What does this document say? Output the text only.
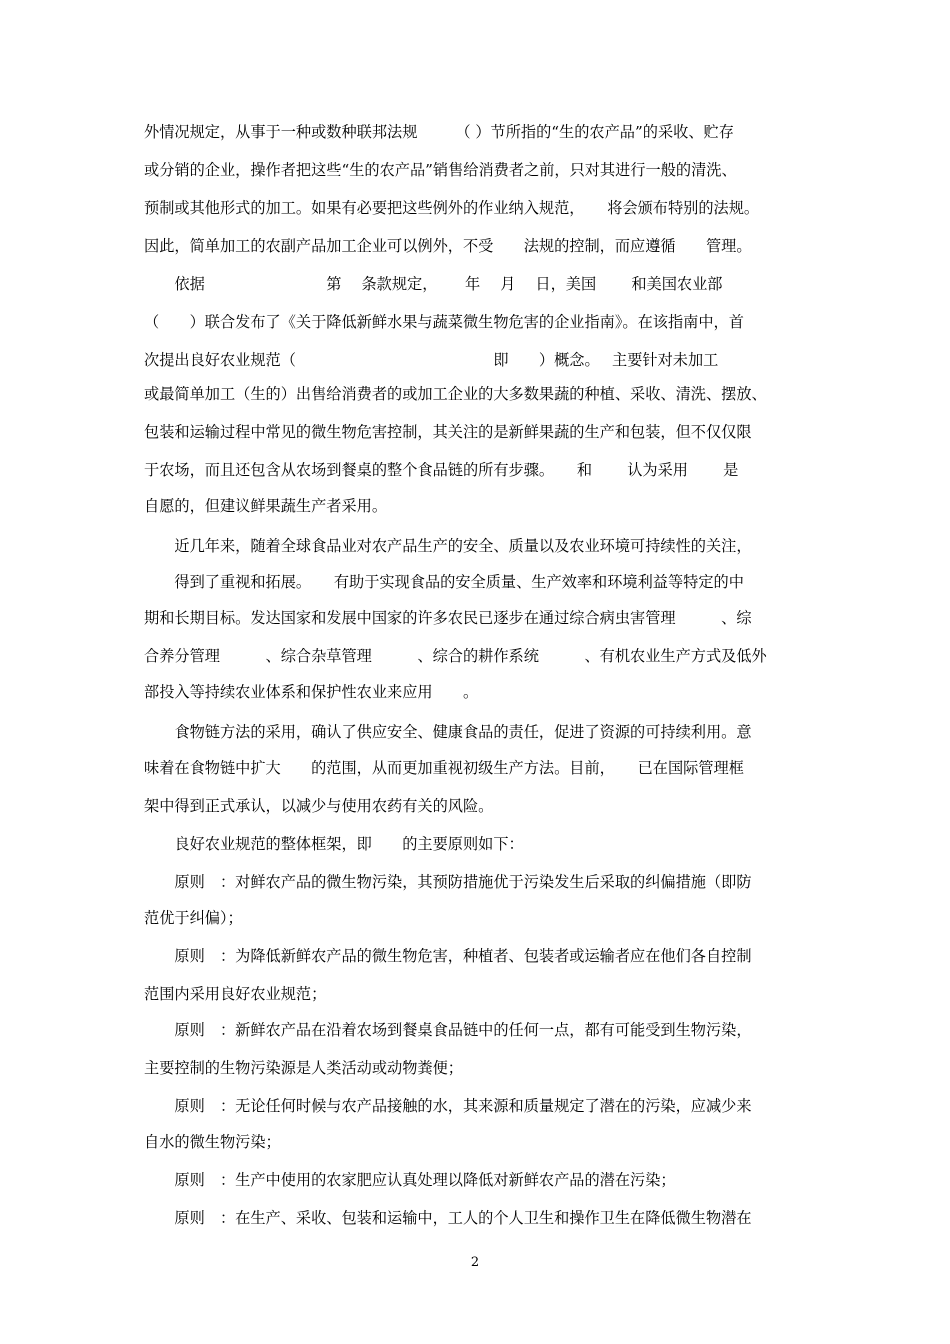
外情况规定，从事于一种或数种联邦法规　　　（ ）节所指的“生的农产品”的采收、贮存
或分销的企业，操作者把这些“生的农产品”销售给消费者之前，只对其进行一般的清洗、
预制或其他形式的加工。如果有必要把这些例外的作业纳入规范，　　将会颁布特别的法规。
因此，简单加工的农副产品加工企业可以例外，不受　　法规的控制，而应遵循　　管理。
　　依据　　　　　　　　第　 条款规定，　　 年　 月　 日，美国　　 和美国农业部
（　　）联合发布了《关于降低新鲜水果与蔬菜微生物危害的企业指南》。在该指南中，首
次提出良好农业规范（　　　　　　　　　　　　　即　　）概念。　 主要针对未加工
或最简单加工（生的）出售给消费者的或加工企业的大多数果蔬的种植、采收、清洗、摆放、
包装和运输过程中常见的微生物危害控制，其关注的是新鲜果蔬的生产和包装，但不仅仅限
于农场，而且还包含从农场到餐桌的整个食品链的所有步骤。　　和　　 认为采用　　 是
自愿的，但建议鲜果蔬生产者采用。
　　近几年来，随着全球食品业对农产品生产的安全、质量以及农业环境可持续性的关注，
　　得到了重视和拓展。　　有助于实现食品的安全质量、生产效率和环境利益等特定的中
期和长期目标。发达国家和发展中国家的许多农民已逐步在通过综合病虫害管理　　　、综
合养分管理　　　、综合杂草管理　　　、综合的耕作系统　　　、有机农业生产方式及低外
部投入等持续农业体系和保护性农业来应用　　。
　　食物链方法的采用，确认了供应安全、健康食品的责任，促进了资源的可持续利用。意
味着在食物链中扩大　　的范围，从而更加重视初级生产方法。目前，　　已在国际管理框
架中得到正式承认，以减少与使用农药有关的风险。
　　良好农业规范的整体框架，即　　的主要原则如下：
　　原则　：对鲜农产品的微生物污染，其预防措施优于污染发生后采取的纠偏措施（即防
范优于纠偏）；
　　原则　：为降低新鲜农产品的微生物危害，种植者、包装者或运输者应在他们各自控制
范围内采用良好农业规范；
　　原则　：新鲜农产品在沿着农场到餐桌食品链中的任何一点，都有可能受到生物污染，
主要控制的生物污染源是人类活动或动物粪便；
　　原则　：无论任何时候与农产品接触的水，其来源和质量规定了潜在的污染，应减少来
自水的微生物污染；
　　原则　：生产中使用的农家肥应认真处理以降低对新鲜农产品的潜在污染；
　　原则　：在生产、采收、包装和运输中，工人的个人卫生和操作卫生在降低微生物潜在
2
